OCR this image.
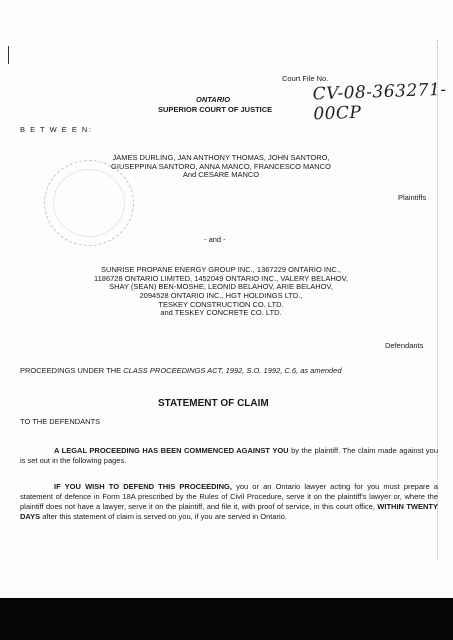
Court File No.
CV-08-363271-00CP
ONTARIO
SUPERIOR COURT OF JUSTICE
B E T W E E N:
JAMES DURLING, JAN ANTHONY THOMAS, JOHN SANTORO,
GIUSEPPINA SANTORO, ANNA MANCO, FRANCESCO MANCO
And CESARE MANCO
Plaintiffs
- and -
SUNRISE PROPANE ENERGY GROUP INC., 1367229 ONTARIO INC.,
1186728 ONTARIO LIMITED, 1452049 ONTARIO INC., VALERY BELAHOV,
SHAY (SEAN) BEN-MOSHE, LEONID BELAHOV, ARIE BELAHOV,
2094528 ONTARIO INC., HGT HOLDINGS LTD.,
TESKEY CONSTRUCTION CO. LTD.
and TESKEY CONCRETE CO. LTD.
Defendants
PROCEEDINGS UNDER THE CLASS PROCEEDINGS ACT, 1992, S.O. 1992, C.6, as amended
STATEMENT OF CLAIM
TO THE DEFENDANTS
A LEGAL PROCEEDING HAS BEEN COMMENCED AGAINST YOU by the plaintiff. The claim made against you is set out in the following pages.
IF YOU WISH TO DEFEND THIS PROCEEDING, you or an Ontario lawyer acting for you must prepare a statement of defence in Form 18A prescribed by the Rules of Civil Procedure, serve it on the plaintiff's lawyer or, where the plaintiff does not have a lawyer, serve it on the plaintiff, and file it, with proof of service, in this court office, WITHIN TWENTY DAYS after this statement of claim is served on you, if you are served in Ontario.
